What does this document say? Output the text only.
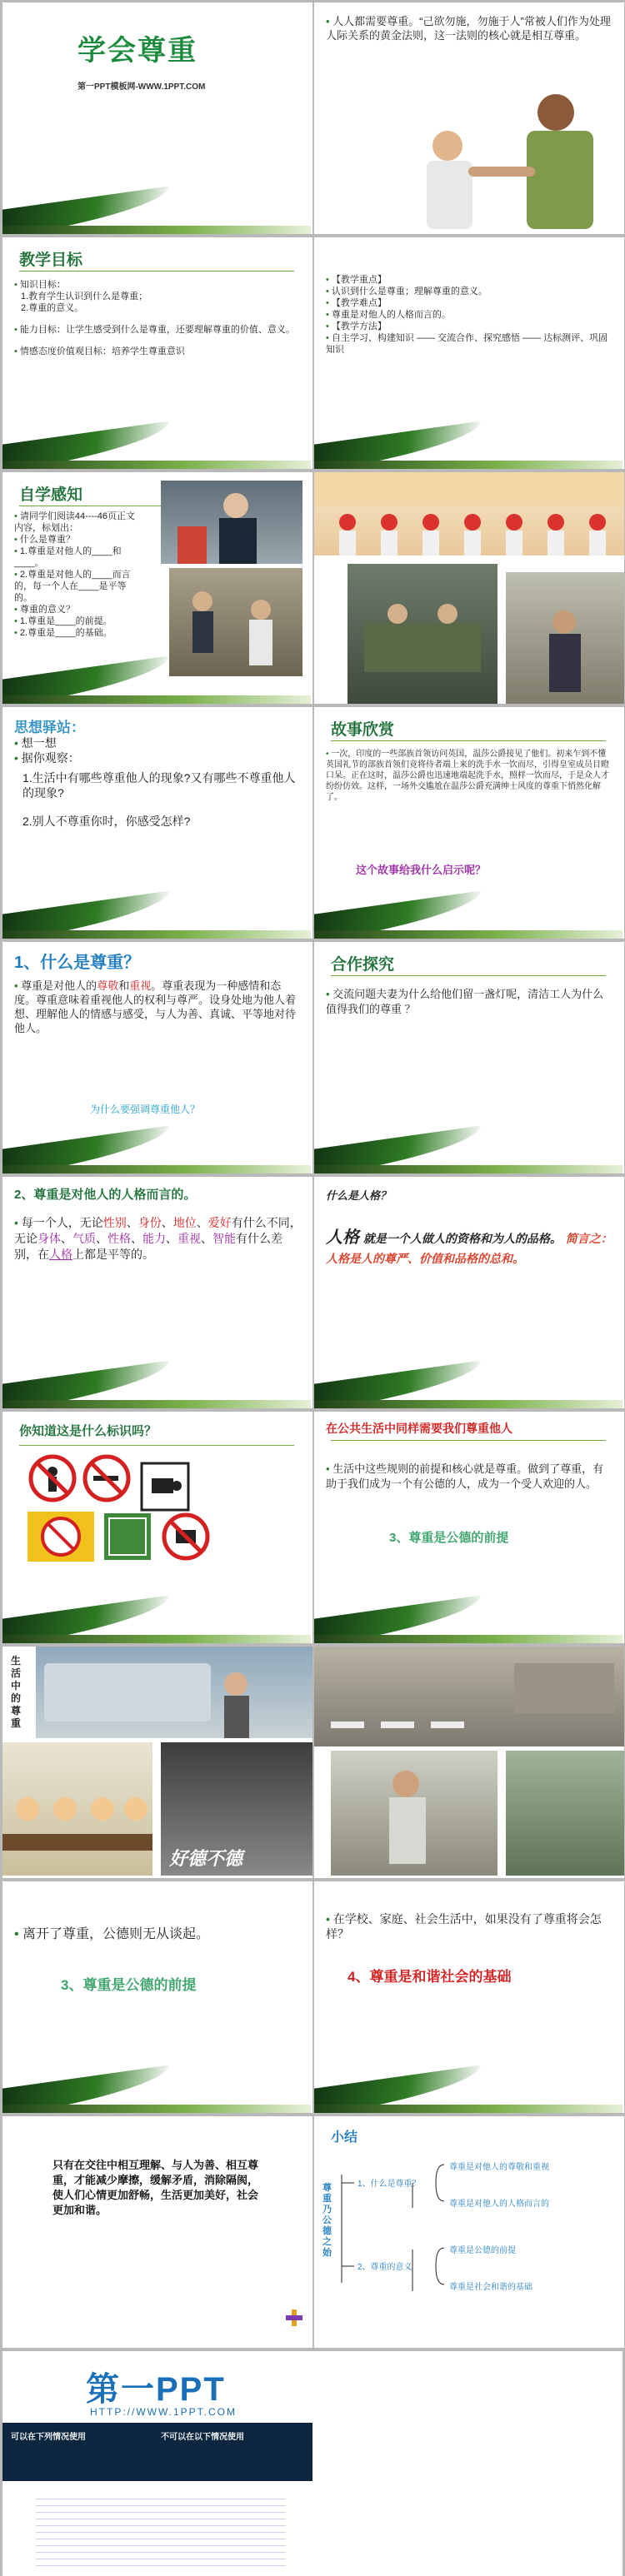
学会尊重
第一PPT模板网-WWW.1PPT.COM
• 人人都需要尊重。“己欲勿施，勿施于人”常被人们作为处理人际关系的黄金法则，这一法则的核心就是相互尊重。
教学目标
• 知识目标：
1.教育学生认识到什么是尊重；
2.尊重的意义。
• 能力目标：让学生感受到什么是尊重，还要理解尊重的价值、意义。
• 情感态度价值观目标：培养学生尊重意识
• 【教学重点】
• 认识到什么是尊重；理解尊重的意义。
• 【教学难点】
• 尊重是对他人的人格而言的。
• 【教学方法】
• 自主学习、构建知识 —— 交流合作、探究感悟 —— 达标测评、巩固知识
自学感知
• 请同学们阅读44----46页正文内容，标划出：
• 什么是尊重？
• 1.尊重是对他人的____和____。
• 2.尊重是对他人的____而言的，每一个人在____是平等的。
• 尊重的意义？
• 1.尊重是____的前提。
• 2.尊重是____的基础。
思想驿站：
• 想一想
• 据你观察：
1.生活中有哪些尊重他人的现象?又有哪些不尊重他人的现象?
2.别人不尊重你时，你感受怎样?
故事欣赏
• 一次，印度的一些部族首领访问英国，温莎公爵接见了他们。初来乍到不懂英国礼节的部族首领们竟将侍者端上来的洗手水一饮而尽，引得皇室成员目瞪口呆。正在这时，温莎公爵也迅速地端起洗手水，照样一饮而尽，于是众人才纷纷仿效。这样，一场外交尴尬在温莎公爵充满绅士风度的尊重下悄然化解了。
这个故事给我什么启示呢？
1、什么是尊重？
• 尊重是对他人的尊敬和重视。尊重表现为一种感情和态度。尊重意味着重视他人的权利与尊严。设身处地为他人着想、理解他人的情感与感受，与人为善、真诚、平等地对待他人。
为什么要强调尊重他人？
合作探究
• 交流问题夫妻为什么给他们留一盏灯呢，清洁工人为什么值得我们的尊重 ？
2、尊重是对他人的人格而言的。
• 每一个人，无论性别、身份、地位、爱好有什么不同，无论身体、气质、性格、能力、重视、智能有什么差别，在人格上都是平等的。
什么是人格？
人格 就是一个人做人的资格和为人的品格。 简言之：人格是人的尊严、价值和品格的总和。
你知道这是什么标识吗？	在公共生活中同样需要我们尊重他人
• 生活中这些规则的前提和核心就是尊重。做到了尊重，有助于我们成为一个有公德的人，成为一个受人欢迎的人。
3、尊重是公德的前提
生活中的尊重
好德不德
• 离开了尊重，公德则无从谈起。
3、尊重是公德的前提
• 在学校、家庭、社会生活中，如果没有了尊重将会怎样？
4、尊重是和谐社会的基础
只有在交往中相互理解、与人为善、相互尊重，才能减少摩擦，缓解矛盾，消除隔阂，使人们心情更加舒畅，生活更加美好，社会更加和谐。
小结
尊重乃公德之始
1、什么是尊重？
2、尊重的意义
尊重是对他人的尊敬和重视
尊重是对他人的人格而言的
尊重是公德的前提
尊重是社会和谐的基础
第一PPT
HTTP://WWW.1PPT.COM
可以在下列情况使用	不可以在以下情况使用
